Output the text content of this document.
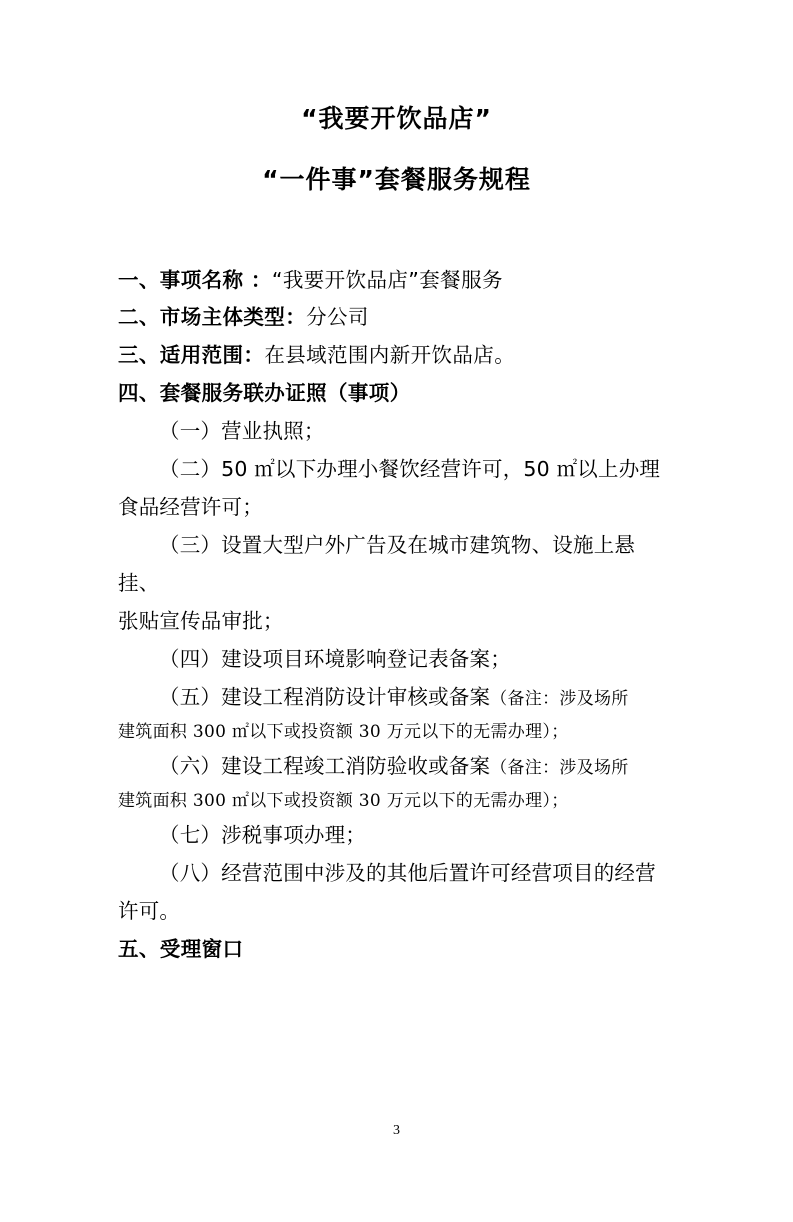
“我要开饮品店”
“一件事”套餐服务规程
一、事项名称 ：“我要开饮品店”套餐服务
二、市场主体类型：分公司
三、适用范围：在县域范围内新开饮品店。
四、套餐服务联办证照（事项）
（一）营业执照；
（二）50 ㎡以下办理小餐饮经营许可，50 ㎡以上办理
食品经营许可；
（三）设置大型户外广告及在城市建筑物、设施上悬挂、
张贴宣传品审批；
（四）建设项目环境影响登记表备案；
（五）建设工程消防设计审核或备案（备注：涉及场所
建筑面积 300 ㎡以下或投资额 30 万元以下的无需办理）；
（六）建设工程竣工消防验收或备案（备注：涉及场所
建筑面积 300 ㎡以下或投资额 30 万元以下的无需办理）；
（七）涉税事项办理；
（八）经营范围中涉及的其他后置许可经营项目的经营
许可。
五、受理窗口
3
